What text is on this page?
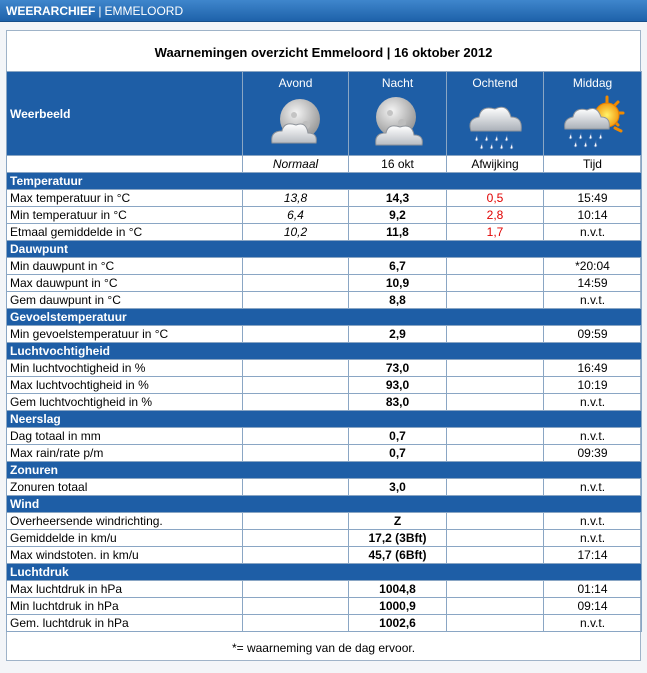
WEERARCHIEF | EMMELOORD
Waarnemingen overzicht Emmeloord | 16 oktober 2012
Weerbeeld	Avond	Nacht	Ochtend	Middag

	Normaal	16 okt	Afwijking	Tijd
Temperatuur				
Max temperatuur in °C	13,8	14,3	0,5	15:49
Min temperatuur in °C	6,4	9,2	2,8	10:14
Etmaal gemiddelde in °C	10,2	11,8	1,7	n.v.t.
Dauwpunt				
Min dauwpunt in °C		6,7		*20:04
Max dauwpunt in °C		10,9		14:59
Gem dauwpunt in °C		8,8		n.v.t.
Gevoelstemperatuur				
Min gevoelstemperatuur in °C		2,9		09:59
Luchtvochtigheid				
Min luchtvochtigheid in %		73,0		16:49
Max luchtvochtigheid in %		93,0		10:19
Gem luchtvochtigheid in %		83,0		n.v.t.
Neerslag				
Dag totaal in mm		0,7		n.v.t.
Max rain/rate p/m		0,7		09:39
Zonuren				
Zonuren totaal		3,0		n.v.t.
Wind				
Overheersende windrichting.		Z		n.v.t.
Gemiddelde in km/u		17,2 (3Bft)		n.v.t.
Max windstoten. in km/u		45,7 (6Bft)		17:14
Luchtdruk				
Max luchtdruk in hPa		1004,8		01:14
Min luchtdruk in hPa		1000,9		09:14
Gem. luchtdruk in hPa		1002,6		n.v.t.
*= waarneming van de dag ervoor.
